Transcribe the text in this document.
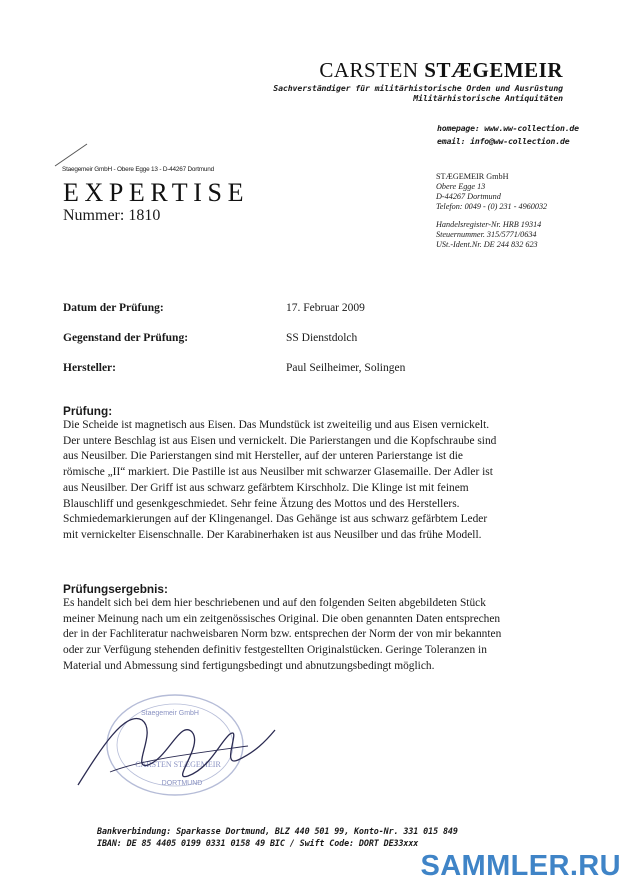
CARSTEN STÆGEMEIR
Sachverständiger für militärhistorische Orden und Ausrüstung
Militärhistorische Antiquitäten
homepage: www.ww-collection.de
email: info@ww-collection.de
Staegemeir GmbH - Obere Egge 13 - D-44267 Dortmund
EXPERTISE
Nummer: 1810
STÆGEMEIR GmbH
Obere Egge 13
D-44267 Dortmund
Telefon: 0049 - (0) 231 - 4960032
Handelsregister-Nr. HRB 19314
Steuernummer. 315/5771/0634
USt.-Ident.Nr. DE 244 832 623
Datum der Prüfung:	17. Februar 2009
Gegenstand der Prüfung:	SS Dienstdolch
Hersteller:	Paul Seilheimer, Solingen
Prüfung:
Die Scheide ist magnetisch aus Eisen. Das Mundstück ist zweiteilig und aus Eisen vernickelt.
Der untere Beschlag ist aus Eisen und vernickelt. Die Parierstangen und die Kopfschraube sind
aus Neusilber. Die Parierstangen sind mit Hersteller, auf der unteren Parierstange ist die
römische „II“ markiert. Die Pastille ist aus Neusilber mit schwarzer Glasemaille. Der Adler ist
aus Neusilber. Der Griff ist aus schwarz gefärbtem Kirschholz. Die Klinge ist mit feinem
Blauschliff und gesenkgeschmiedet. Sehr feine Ätzung des Mottos und des Herstellers.
Schmiedemarkierungen auf der Klingenangel. Das Gehänge ist aus schwarz gefärbtem Leder
mit vernickelter Eisenschnalle. Der Karabinerhaken ist aus Neusilber und das frühe Modell.
Prüfungsergebnis:
Es handelt sich bei dem hier beschriebenen und auf den folgenden Seiten abgebildeten Stück
meiner Meinung nach um ein zeitgenössisches Original. Die oben genannten Daten entsprechen
der in der Fachliteratur nachweisbaren Norm bzw. entsprechen der Norm der von mir bekannten
oder zur Verfügung stehenden definitiv festgestellten Originalstücken. Geringe Toleranzen in
Material und Abmessung sind fertigungsbedingt und abnutzungsbedingt möglich.
Staegemeir GmbH
CARSTEN STÆGEMEIR
DORTMUND
Bankverbindung: Sparkasse Dortmund, BLZ 440 501 99, Konto-Nr. 331 015 849
IBAN: DE 85 4405 0199 0331 0158 49 BIC / Swift Code: DORT DE33xxx
SAMMLER.RU
